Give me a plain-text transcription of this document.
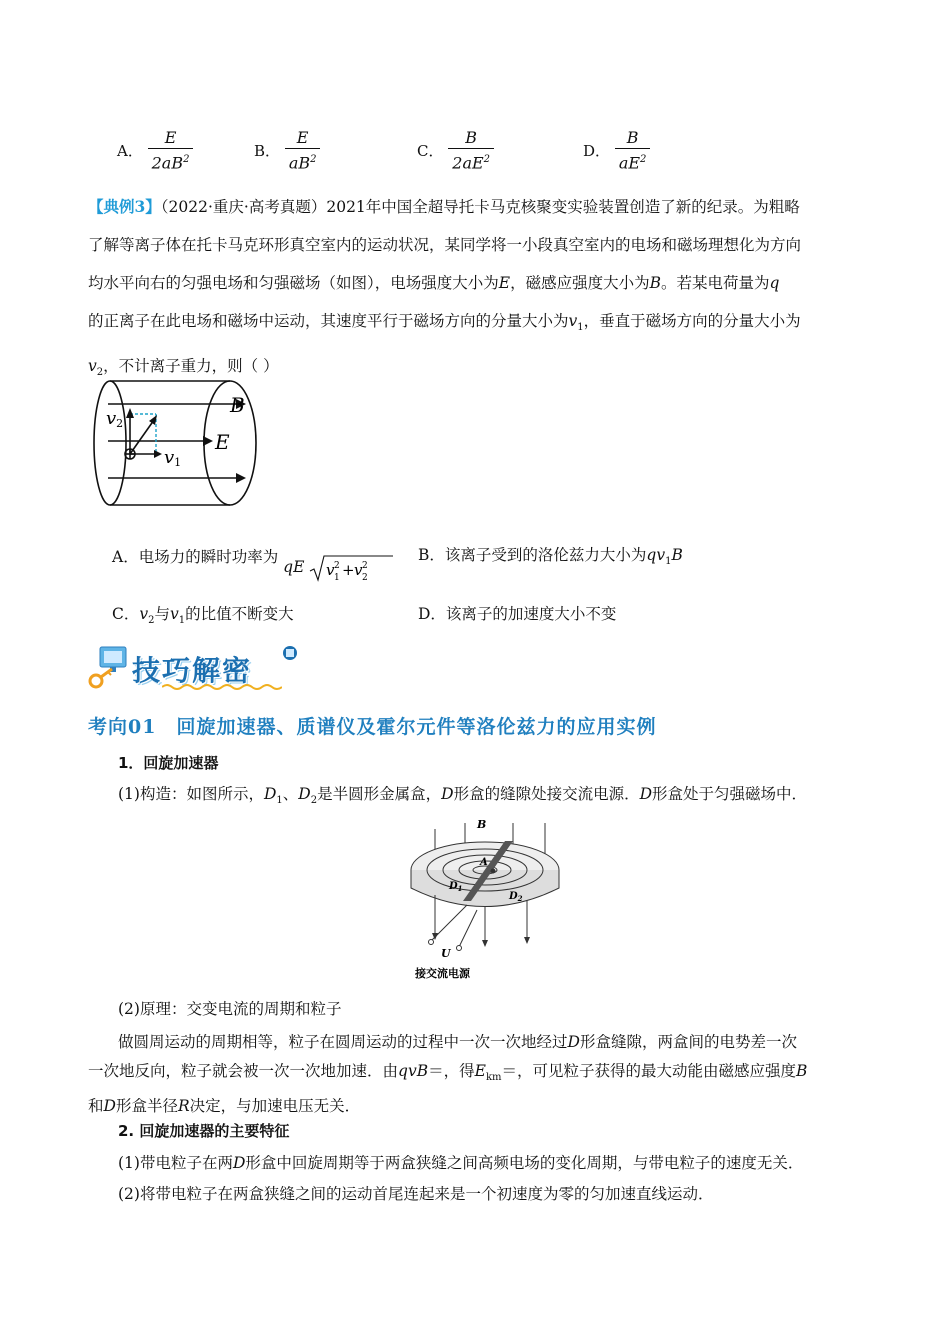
A． $\frac{E}{2aB^2}$	B． $\frac{E}{aB^2}$	C． $\frac{B}{2aE^2}$	D． $\frac{B}{aE^2}$
【典例3】（2022·重庆·高考真题）2021年中国全超导托卡马克核聚变实验装置创造了新的纪录。为粗略
了解等离子体在托卡马克环形真空室内的运动状况，某同学将一小段真空室内的电场和磁场理想化为方向
均水平向右的匀强电场和匀强磁场（如图），电场强度大小为E，磁感应强度大小为B。若某电荷量为q
的正离子在此电场和磁场中运动，其速度平行于磁场方向的分量大小为$v_1$，垂直于磁场方向的分量大小为
$v_2$，不计离子重力，则（ ）
B
E
v2
v1
A．电场力的瞬时功率为 qE v 2
1 + v 2
2
B．该离子受到的洛伦兹力大小为$qv_1B$
C．$v_2$与$v_1$的比值不断变大	D．该离子的加速度大小不变
技巧解密
考向01　回旋加速器、质谱仪及霍尔元件等洛伦兹力的应用实例
1．回旋加速器
(1)构造：如图所示，$D_1$、$D_2$是半圆形金属盒，D形盒的缝隙处接交流电源．D形盒处于匀强磁场中．
B
A
$D_1$
$D_2$
U
接交流电源
(2)原理：交变电流的周期和粒子
做圆周运动的周期相等，粒子在圆周运动的过程中一次一次地经过D形盒缝隙，两盒间的电势差一次
一次地反向，粒子就会被一次一次地加速．由qvB＝，得$E_{km}=$，可见粒子获得的最大动能由磁感应强度B
和D形盒半径R决定，与加速电压无关．
2. 回旋加速器的主要特征
(1)带电粒子在两D形盒中回旋周期等于两盒狭缝之间高频电场的变化周期，与带电粒子的速度无关．
(2)将带电粒子在两盒狭缝之间的运动首尾连起来是一个初速度为零的匀加速直线运动．
